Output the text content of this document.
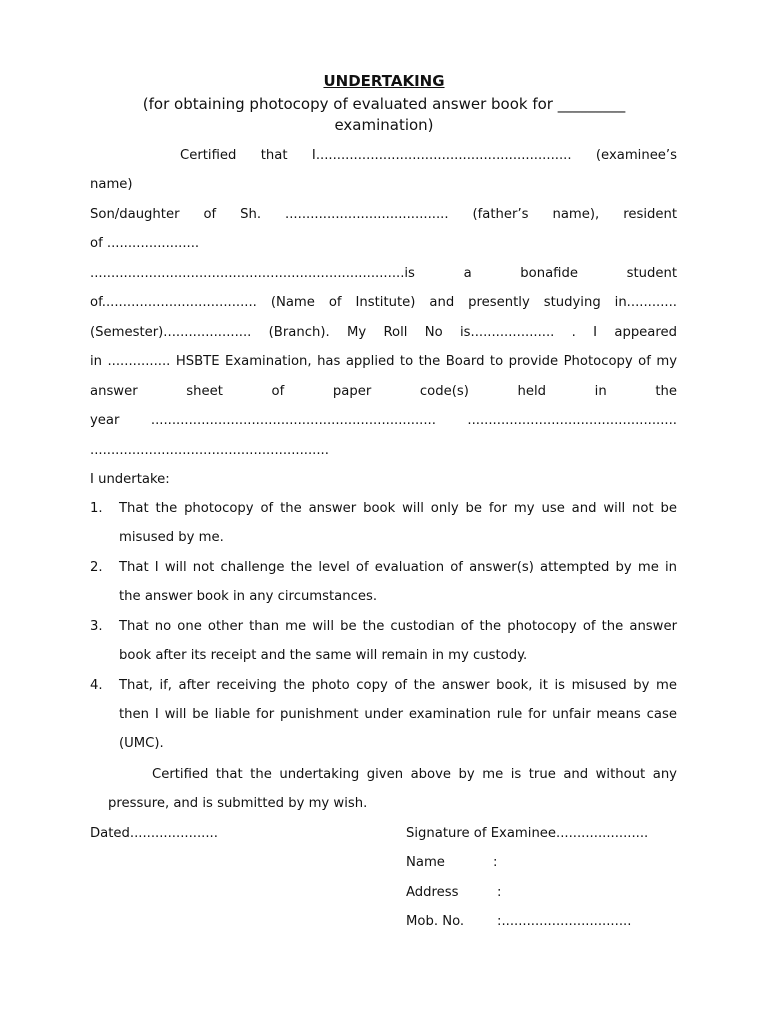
UNDERTAKING
(for obtaining photocopy of evaluated answer book for _________
examination)
Certified that I............................................................. (examinee’s
name)
Son/daughter of Sh. ....................................... (father’s name), resident
of ......................
...........................................................................is a bonafide student
of..................................... (Name of Institute) and presently studying in............
(Semester)..................... (Branch). My Roll No is.................... . I appeared
in ............... HSBTE Examination, has applied to the Board to provide Photocopy of my
answer sheet of paper code(s) held in the
year .................................................................... ..................................................
.........................................................
I undertake:
1. That the photocopy of the answer book will only be for my use and will not be
misused by me.
2. That I will not challenge the level of evaluation of answer(s) attempted by me in
the answer book in any circumstances.
3. That no one other than me will be the custodian of the photocopy of the answer
book after its receipt and the same will remain in my custody.
4. That, if, after receiving the photo copy of the answer book, it is misused by me
then I will be liable for punishment under examination rule for unfair means case
(UMC).
Certified that the undertaking given above by me is true and without any
pressure, and is submitted by my wish.
Dated.....................	Signature of Examinee......................
Name	:
Address	:
Mob. No. :...............................
